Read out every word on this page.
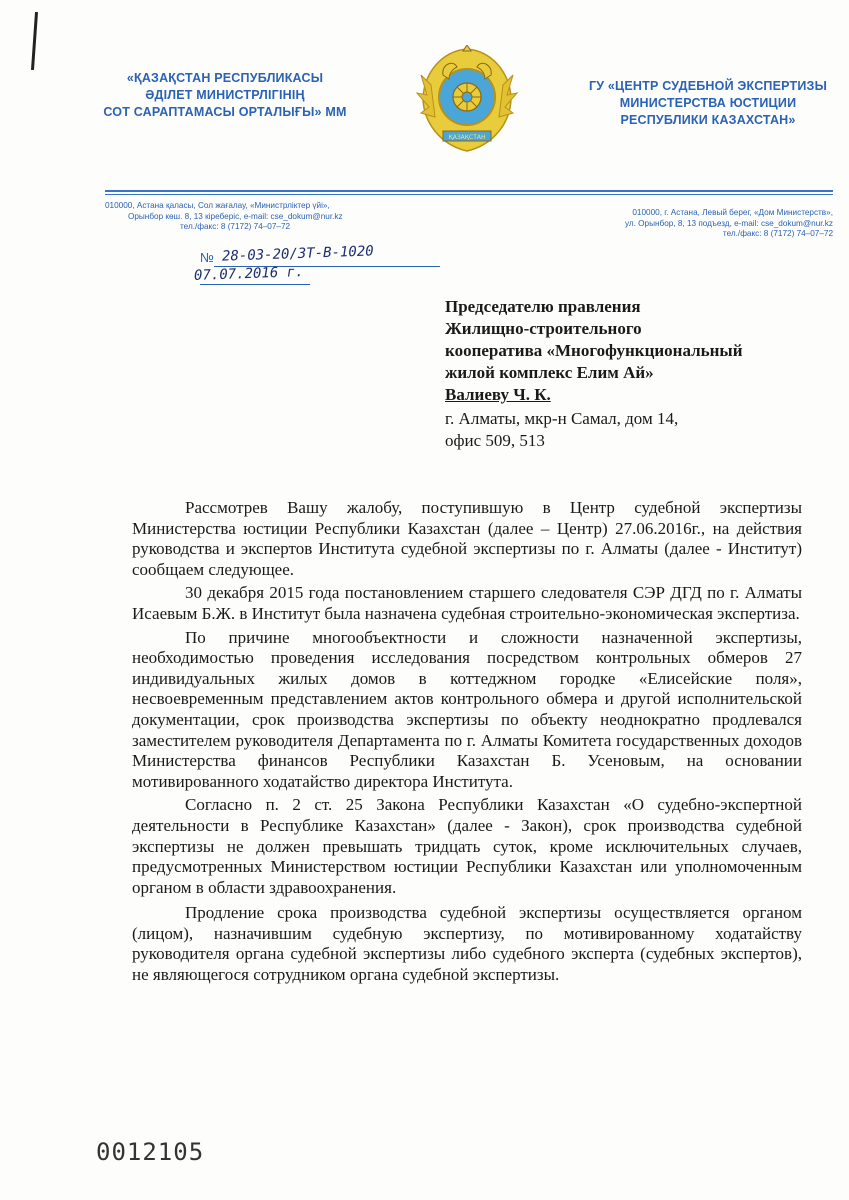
«ҚАЗАҚСТАН РЕСПУБЛИКАСЫ
ӘДІЛЕТ МИНИСТРЛІГІНІҢ
СОТ САРАПТАМАСЫ ОРТАЛЫҒЫ» ММ
ҚАЗАҚСТАН
ГУ «ЦЕНТР СУДЕБНОЙ ЭКСПЕРТИЗЫ
МИНИСТЕРСТВА ЮСТИЦИИ
РЕСПУБЛИКИ КАЗАХСТАН»
010000, Астана қаласы, Сол жағалау, «Министрліктер үйі»,
Орынбор көш. 8, 13 кіреберіс, e-mail: cse_dokum@nur.kz
тел./факс: 8 (7172) 74–07–72
010000, г. Астана, Левый берег, «Дом Министерств»,
ул. Орынбор, 8, 13 подъезд, e-mail: cse_dokum@nur.kz
тел./факс: 8 (7172) 74–07–72
№ 28-03-20/ЗТ-В-1020
07.07.2016 г.
Председателю правления
Жилищно-строительного
кооператива «Многофункциональный
жилой комплекс Елим Ай»
Валиеву Ч. К.
г. Алматы, мкр-н Самал, дом 14,
офис 509, 513

Рассмотрев Вашу жалобу, поступившую в Центр судебной экспертизы Министерства юстиции Республики Казахстан (далее – Центр) 27.06.2016г., на действия руководства и экспертов Института судебной экспертизы по г. Алматы (далее - Институт) сообщаем следующее.

30 декабря 2015 года постановлением старшего следователя СЭР ДГД по г. Алматы Исаевым Б.Ж. в Институт была назначена судебная строительно-экономическая экспертиза.

По причине многообъектности и сложности назначенной экспертизы, необходимостью проведения исследования посредством контрольных обмеров 27 индивидуальных жилых домов в коттеджном городке «Елисейские поля», несвоевременным представлением актов контрольного обмера и другой исполнительской документации, срок производства экспертизы по объекту неоднократно продлевался заместителем руководителя Департамента по г. Алматы Комитета государственных доходов Министерства финансов Республики Казахстан Б. Усеновым, на основании мотивированного ходатайство директора Института.

Согласно п. 2 ст. 25 Закона Республики Казахстан «О судебно-экспертной деятельности в Республике Казахстан» (далее - Закон), срок производства судебной экспертизы не должен превышать тридцать суток, кроме исключительных случаев, предусмотренных Министерством юстиции Республики Казахстан или уполномоченным органом в области здравоохранения.

Продление срока производства судебной экспертизы осуществляется органом (лицом), назначившим судебную экспертизу, по мотивированному ходатайству руководителя органа судебной экспертизы либо судебного эксперта (судебных экспертов), не являющегося сотрудником органа судебной экспертизы.

0012105
